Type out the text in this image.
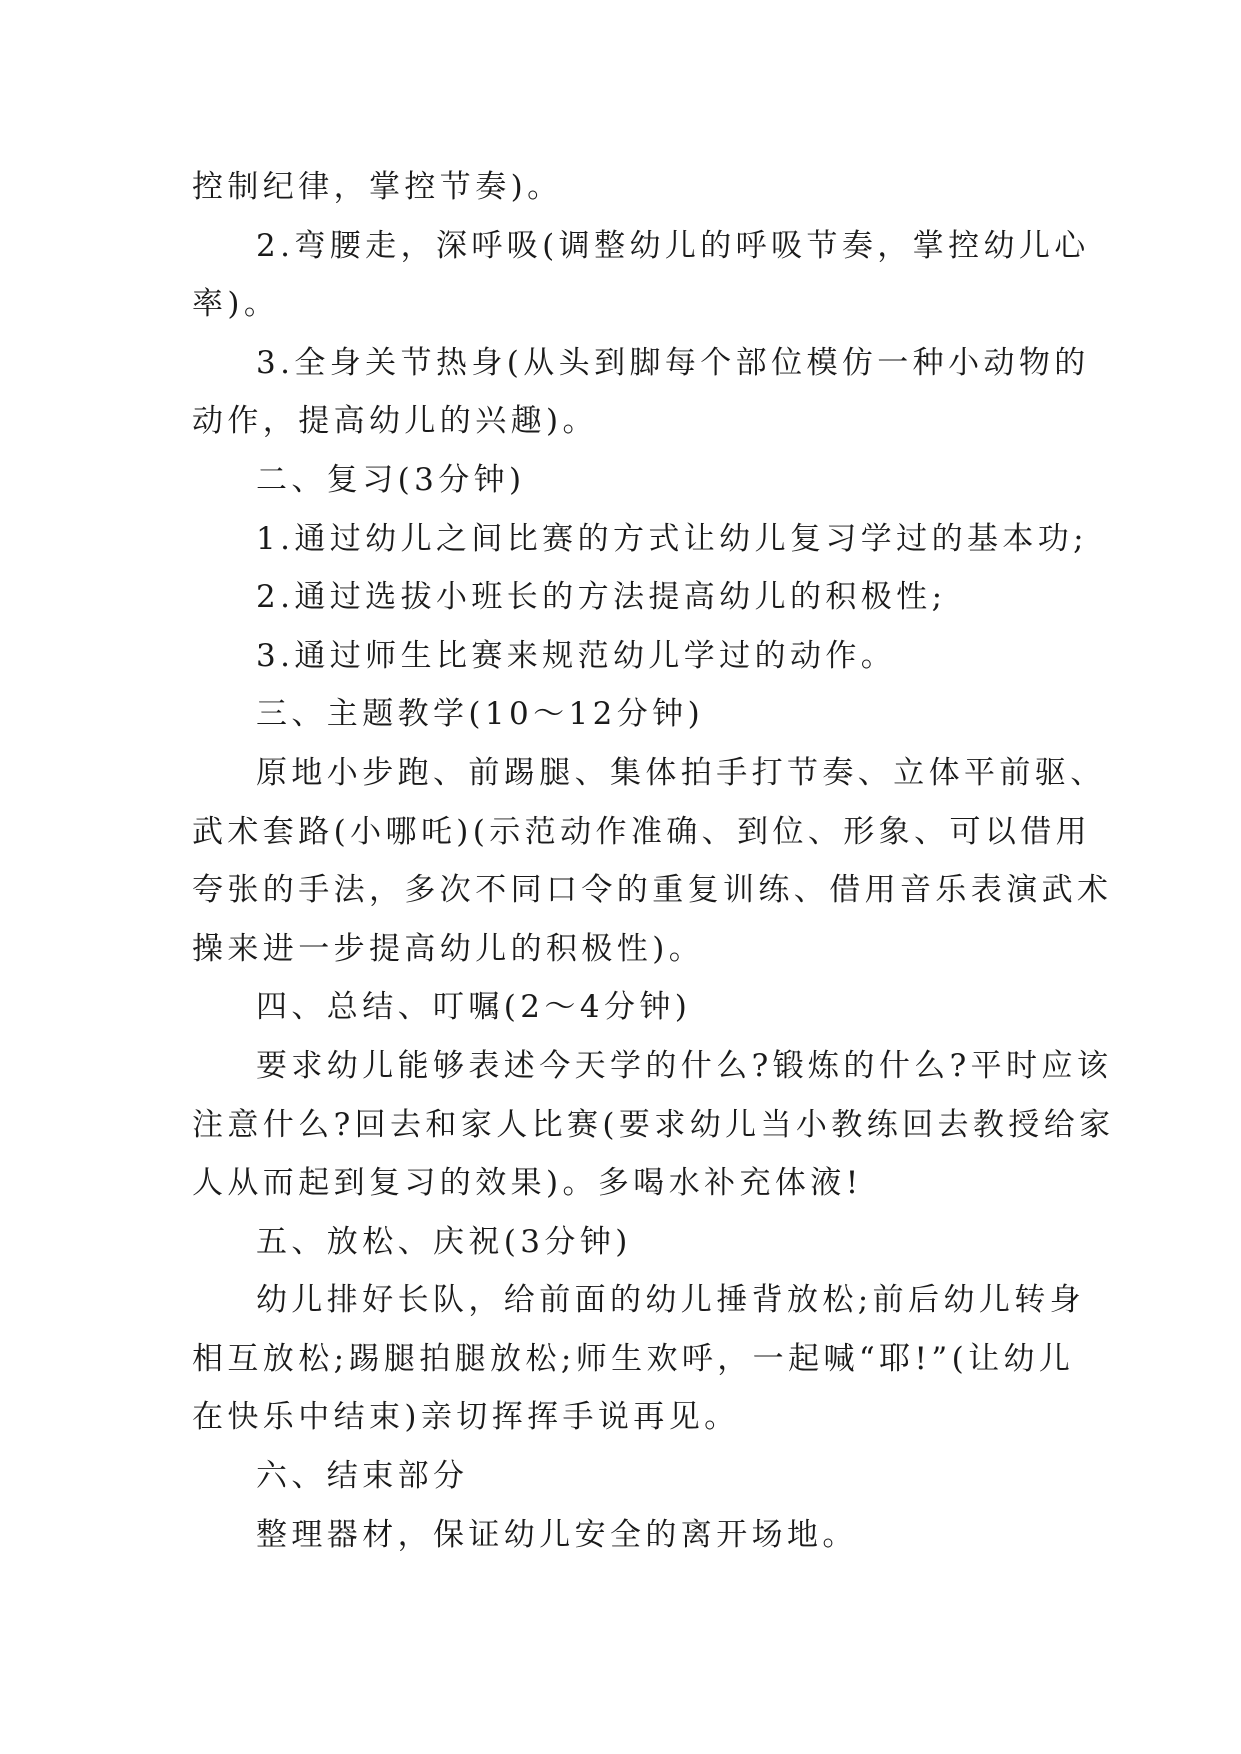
控制纪律，掌控节奏)。

2.弯腰走，深呼吸(调整幼儿的呼吸节奏，掌控幼儿心

率)。

3.全身关节热身(从头到脚每个部位模仿一种小动物的

动作，提高幼儿的兴趣)。

二、复习(3分钟)

1.通过幼儿之间比赛的方式让幼儿复习学过的基本功;

2.通过选拔小班长的方法提高幼儿的积极性;

3.通过师生比赛来规范幼儿学过的动作。

三、主题教学(10～12分钟)

原地小步跑、前踢腿、集体拍手打节奏、立体平前驱、

武术套路(小哪吒)(示范动作准确、到位、形象、可以借用

夸张的手法，多次不同口令的重复训练、借用音乐表演武术

操来进一步提高幼儿的积极性)。

四、总结、叮嘱(2～4分钟)

要求幼儿能够表述今天学的什么?锻炼的什么?平时应该

注意什么?回去和家人比赛(要求幼儿当小教练回去教授给家

人从而起到复习的效果)。多喝水补充体液!

五、放松、庆祝(3分钟)

幼儿排好长队，给前面的幼儿捶背放松;前后幼儿转身

相互放松;踢腿拍腿放松;师生欢呼，一起喊“耶!”(让幼儿

在快乐中结束)亲切挥挥手说再见。

六、结束部分

整理器材，保证幼儿安全的离开场地。
